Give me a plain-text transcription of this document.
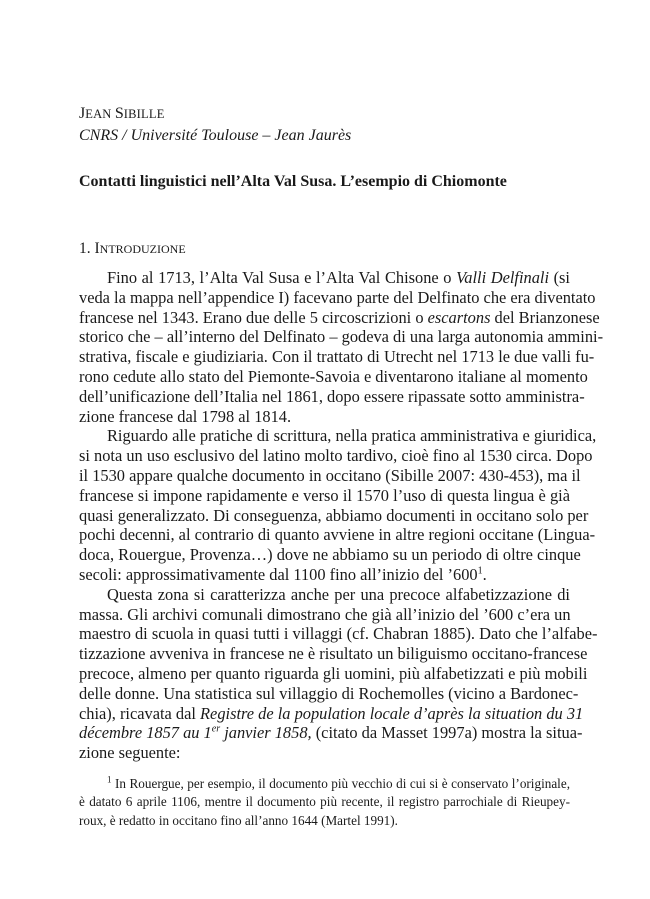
JEAN SIBILLE
CNRS / Université Toulouse – Jean Jaurès
Contatti linguistici nell’Alta Val Susa. L’esempio di Chiomonte
1. INTRODUZIONE
Fino al 1713, l’Alta Val Susa e l’Alta Val Chisone o Valli Delfinali (si
veda la mappa nell’appendice I) facevano parte del Delfinato che era diventato
francese nel 1343. Erano due delle 5 circoscrizioni o escartons del Brianzonese
storico che – all’interno del Delfinato – godeva di una larga autonomia ammini-
strativa, fiscale e giudiziaria. Con il trattato di Utrecht nel 1713 le due valli fu-
rono cedute allo stato del Piemonte-Savoia e diventarono italiane al momento
dell’unificazione dell’Italia nel 1861, dopo essere ripassate sotto amministra-
zione francese dal 1798 al 1814.
Riguardo alle pratiche di scrittura, nella pratica amministrativa e giuridica,
si nota un uso esclusivo del latino molto tardivo, cioè fino al 1530 circa. Dopo
il 1530 appare qualche documento in occitano (Sibille 2007: 430-453), ma il
francese si impone rapidamente e verso il 1570 l’uso di questa lingua è già
quasi generalizzato. Di conseguenza, abbiamo documenti in occitano solo per
pochi decenni, al contrario di quanto avviene in altre regioni occitane (Lingua-
doca, Rouergue, Provenza…) dove ne abbiamo su un periodo di oltre cinque
secoli: approssimativamente dal 1100 fino all’inizio del $’600^1$.
Questa zona si caratterizza anche per una precoce alfabetizzazione di
massa. Gli archivi comunali dimostrano che già all’inizio del ’600 c’era un
maestro di scuola in quasi tutti i villaggi (cf. Chabran 1885). Dato che l’alfabe-
tizzazione avveniva in francese ne è risultato un biliguismo occitano-francese
precoce, almeno per quanto riguarda gli uomini, più alfabetizzati e più mobili
delle donne. Una statistica sul villaggio di Rochemolles (vicino a Bardonec-
chia), ricavata dal Registre de la population locale d’après la situation du 31
décembre 1857 au 1er janvier 1858, (citato da Masset 1997a) mostra la situa-
zione seguente:
$^1$ In Rouergue, per esempio, il documento più vecchio di cui si è conservato l’originale,
è datato 6 aprile 1106, mentre il documento più recente, il registro parrochiale di Rieupey-
roux, è redatto in occitano fino all’anno 1644 (Martel 1991).
